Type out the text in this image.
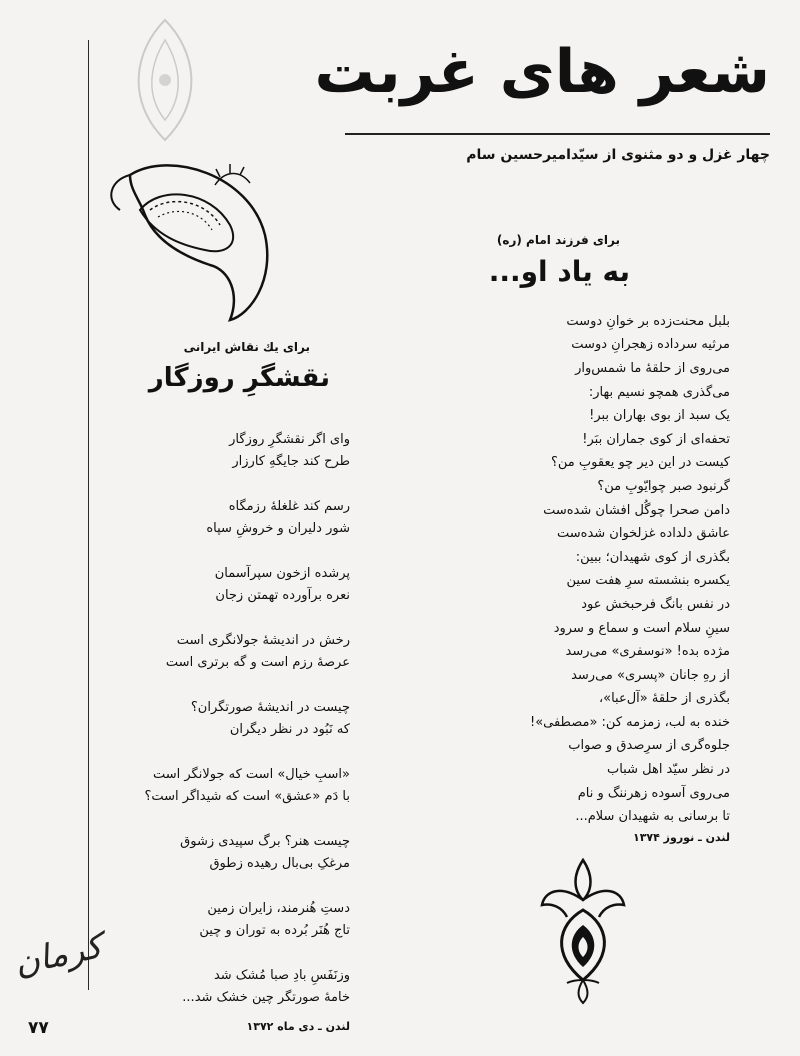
شعر های غربت
چهار غزل و دو مثنوی از سیّدامیرحسین سام
برای فرزند امام (ره)
به یاد او...
بلبل محنت‌زده بر خوانِ دوست
مرثیه سرداده زهجرانِ دوست
می‌روی از حلقهٔ ما شمس‌وار
می‌گذری همچو نسیم بهار:
یک سبد از بوی بهاران ببر!
تحفه‌ای از کوی جماران ببَر!
کیست در این دیر چو یعقوبِ من؟
گرنبود صبر چوایّوبِ من؟
دامن صحرا چوگُل افشان شده‌ست
عاشق دلداده غزلخوان شده‌ست
بگذری از کوی شهیدان؛ ببین:
یکسره بنشسته سرِ هفت سین
در نفس بانگ فرحبخش عود
سینِ سلام است و سماع و سرود
مژده بده! «نوسفری» می‌رسد
از رهِ جانان «پسری» می‌رسد
بگذری از حلقهٔ «آل‌عبا»،
خنده به لب، زمزمه کن: «مصطفی»!
جلوه‌گری از سرِصدق و صواب
در نظر سیّد اهل شباب
می‌روی آسوده زهرننگ و نام
تا برسانی به شهیدان سلام...
لندن ـ نوروز ۱۳۷۴
برای یك نقاش ایرانی
نقشگرِ روزگار
وای اگر نقشگرِ روزگار
طرح کند جایگهِ کارزار
رسم کند غلغلهٔ رزمگاه
شور دلیران و خروشِ سپاه
پرشده ازخون سپرآسمان
نعره برآورده تهمتن زجان
رخش در اندیشهٔ جولانگری است
عرصهٔ رزم است و گه برتری است
چیست در اندیشهٔ صورتگران؟
که نَبُود در نظر دیگران
«اسبِ خیال» است که جولانگر است
با دَم «عشق» است که شیداگر است؟
چیست هنر؟ برگ سپیدی زشوق
مرغکِ بی‌بال رهیده زطوق
دستِ هُنرمند، زایران زمین
تاج هُنَر بُرده به توران و چین
وزنَفَسِ بادِ صبا مُشک شد
خامهٔ صورتگر چین خشک شد...
لندن ـ دی ماه ۱۳۷۲
کرمان
۷۷
